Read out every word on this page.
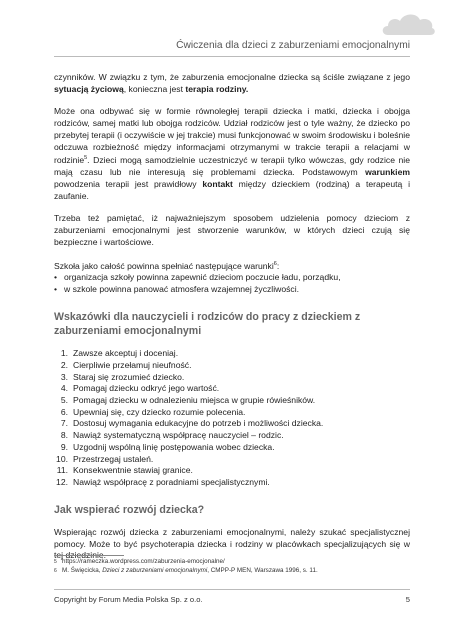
Ćwiczenia dla dzieci z zaburzeniami emocjonalnymi

czynników. W związku z tym, że zaburzenia emocjonalne dziecka są ściśle związane z jego sytuacją życiową, konieczna jest terapia rodziny.

Może ona odbywać się w formie równoległej terapii dziecka i matki, dziecka i obojga rodziców, samej matki lub obojga rodziców. Udział rodziców jest o tyle ważny, że dziecko po przebytej terapii (i oczywiście w jej trakcie) musi funkcjonować w swoim środowisku i boleśnie odczuwa rozbieżność między informacjami otrzymanymi w trakcie terapii a relacjami w rodzinie$^5$. Dzieci mogą samodzielnie uczestniczyć w terapii tylko wówczas, gdy rodzice nie mają czasu lub nie interesują się problemami dziecka. Podstawowym warunkiem powodzenia terapii jest prawidłowy kontakt między dzieckiem (rodziną) a terapeutą i zaufanie.

Trzeba też pamiętać, iż najważniejszym sposobem udzielenia pomocy dzieciom z zaburzeniami emocjonalnymi jest stworzenie warunków, w których dzieci czują się bezpieczne i wartościowe.

Szkoła jako całość powinna spełniać następujące warunki$^6$:
• organizacja szkoły powinna zapewnić dzieciom poczucie ładu, porządku,
• w szkole powinna panować atmosfera wzajemnej życzliwości.
Wskazówki dla nauczycieli i rodziców do pracy z dzieckiem z zaburzeniami emocjonalnymi
1. Zawsze akceptuj i doceniaj.
2. Cierpliwie przełamuj nieufność.
3. Staraj się zrozumieć dziecko.
4. Pomagaj dziecku odkryć jego wartość.
5. Pomagaj dziecku w odnalezieniu miejsca w grupie rówieśników.
6. Upewniaj się, czy dziecko rozumie polecenia.
7. Dostosuj wymagania edukacyjne do potrzeb i możliwości dziecka.
8. Nawiąż systematyczną współpracę nauczyciel – rodzic.
9. Uzgodnij wspólną linię postępowania wobec dziecka.
10. Przestrzegaj ustaleń.
11. Konsekwentnie stawiaj granice.
12. Nawiąż współpracę z poradniami specjalistycznymi.
Jak wspierać rozwój dziecka?

Wspierając rozwój dziecka z zaburzeniami emocjonalnymi, należy szukać specjalistycznej pomocy. Może to być psychoterapia dziecka i rodziny w placówkach specjalizujących się w tej dziedzinie.

5 https://rameczka.wordpress.com/zaburzenia-emocjonalne/
6 M. Święcicka, Dzieci z zaburzeniami emocjonalnymi, CMPP-P MEN, Warszawa 1996, s. 11.
Copyright by Forum Media Polska Sp. z o.o.	5
